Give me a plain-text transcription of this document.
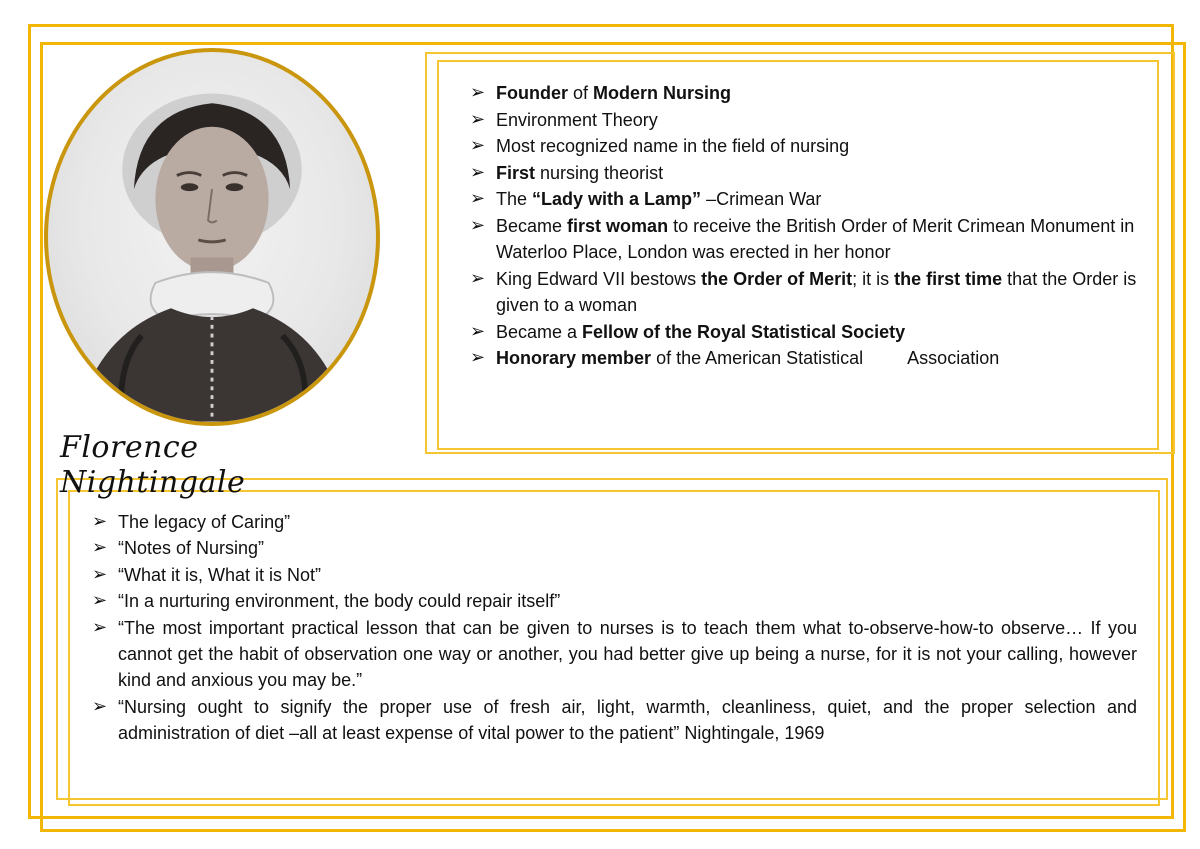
Florence Nightingale
➢ Founder of Modern Nursing
➢ Environment Theory
➢ Most recognized name in the field of nursing
➢ First nursing theorist
➢ The “Lady with a Lamp” –Crimean War
➢ Became first woman to receive the British Order of Merit Crimean Monument in Waterloo Place, London was erected in her honor
➢ King Edward VII bestows the Order of Merit; it is the first time that the Order is given to a woman
➢ Became a Fellow of the Royal Statistical Society
➢ Honorary member of the American Statistical Association
➢ The legacy of Caring”
➢ “Notes of Nursing”
➢ “What it is, What it is Not”
➢ “In a nurturing environment, the body could repair itself”
➢ “The most important practical lesson that can be given to nurses is to teach them what to-observe-how-to observe… If you cannot get the habit of observation one way or another, you had better give up being a nurse, for it is not your calling, however kind and anxious you may be.”
➢ “Nursing ought to signify the proper use of fresh air, light, warmth, cleanliness, quiet, and the proper selection and administration of diet –all at least expense of vital power to the patient” Nightingale, 1969
